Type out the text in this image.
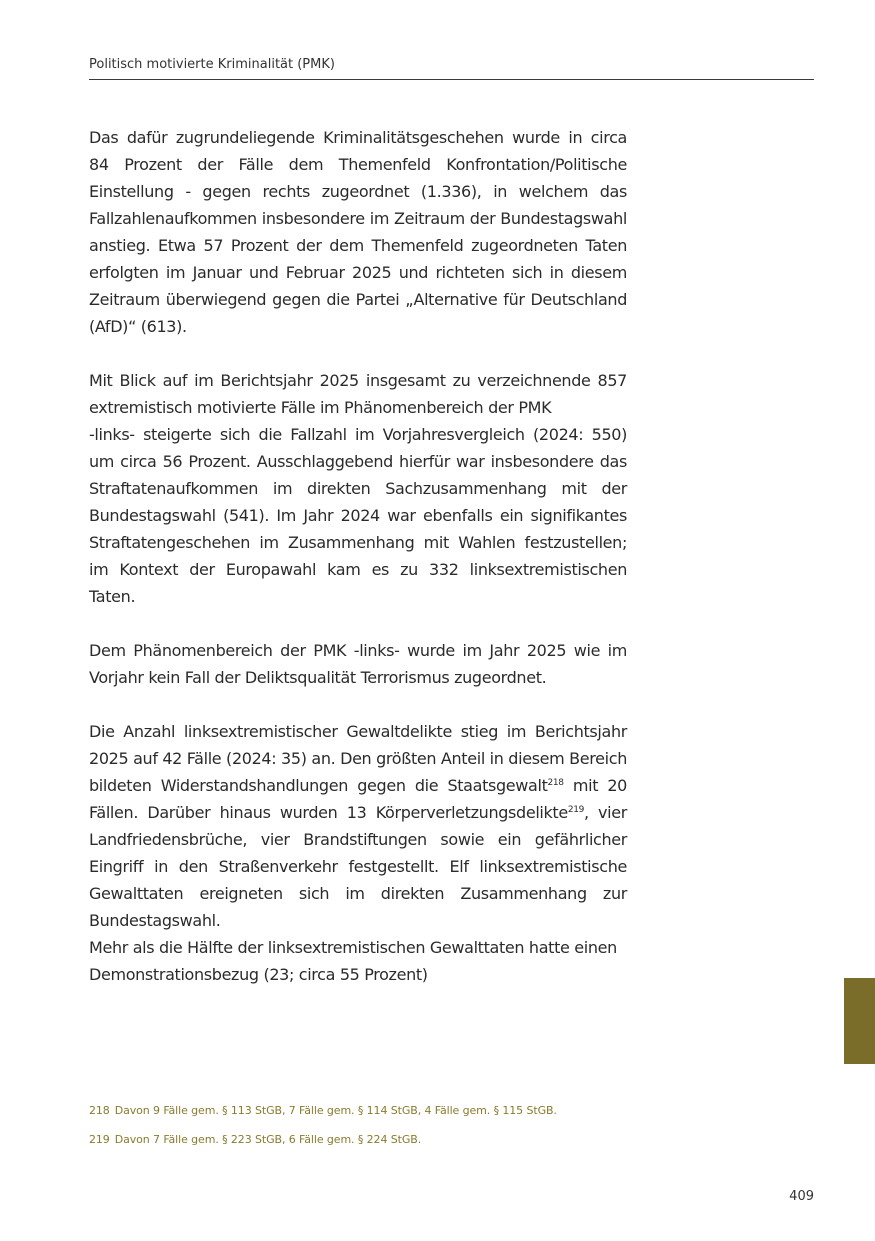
Politisch motivierte Kriminalität (PMK)

Das dafür zugrundeliegende Kriminalitätsgeschehen wurde in circa 84 Prozent der Fälle dem Themenfeld Konfrontation/Politische Einstellung - gegen rechts zugeordnet (1.336), in welchem das Fallzahlenaufkommen insbesondere im Zeitraum der Bundestagswahl anstieg. Etwa 57 Prozent der dem Themenfeld zugeordneten Taten erfolgten im Januar und Februar 2025 und richteten sich in diesem Zeitraum überwiegend gegen die Partei „Alternative für Deutschland (AfD)“ (613).

Mit Blick auf im Berichtsjahr 2025 insgesamt zu verzeichnende 857 extremistisch motivierte Fälle im Phänomenbereich der PMK
-links- steigerte sich die Fallzahl im Vorjahresvergleich (2024: 550) um circa 56 Prozent. Ausschlaggebend hierfür war insbesondere das Straftatenaufkommen im direkten Sachzusammenhang mit der Bundestagswahl (541). Im Jahr 2024 war ebenfalls ein signifikantes Straftatengeschehen im Zusammenhang mit Wahlen festzustellen; im Kontext der Europawahl kam es zu 332 linksextremistischen Taten.

Dem Phänomenbereich der PMK -links- wurde im Jahr 2025 wie im Vorjahr kein Fall der Deliktsqualität Terrorismus zugeordnet.

Die Anzahl linksextremistischer Gewaltdelikte stieg im Berichtsjahr 2025 auf 42 Fälle (2024: 35) an. Den größten Anteil in diesem Bereich bildeten Widerstandshandlungen gegen die Staatsgewalt$^{218}$ mit 20 Fällen. Darüber hinaus wurden 13 Körperverletzungsdelikte$^{219}$, vier Landfriedensbrüche, vier Brandstiftungen sowie ein gefährlicher Eingriff in den Straßenverkehr festgestellt. Elf linksextremistische Gewalttaten ereigneten sich im direkten Zusammenhang zur Bundestagswahl.

Mehr als die Hälfte der linksextremistischen Gewalttaten hatte einen Demonstrationsbezug (23; circa 55 Prozent)

218 Davon 9 Fälle gem. § 113 StGB, 7 Fälle gem. § 114 StGB, 4 Fälle gem. § 115 StGB.

219 Davon 7 Fälle gem. § 223 StGB, 6 Fälle gem. § 224 StGB.

409
